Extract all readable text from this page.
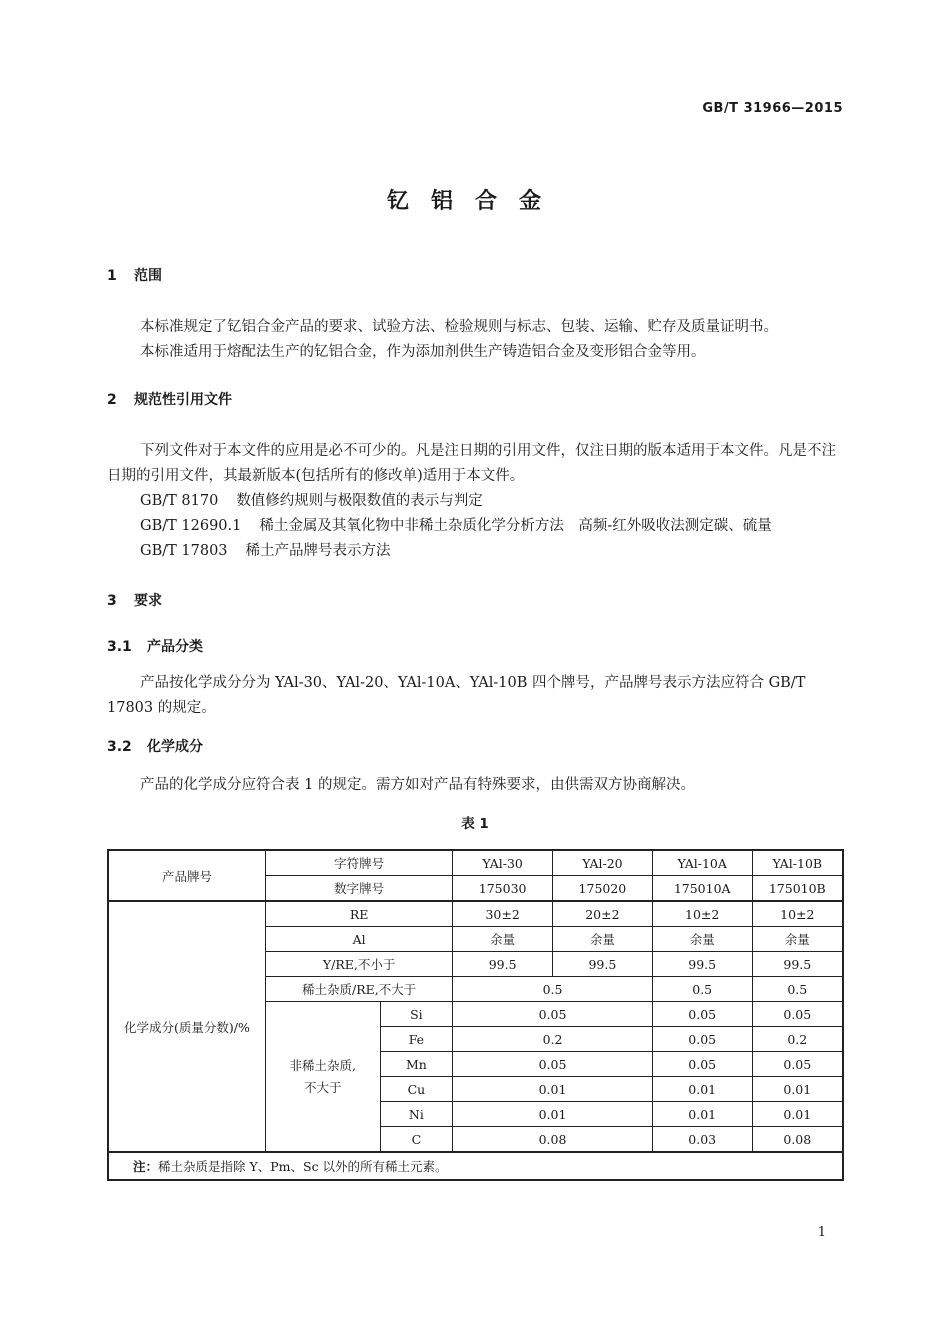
GB/T 31966—2015
钇铝合金
1 范围
本标准规定了钇铝合金产品的要求、试验方法、检验规则与标志、包装、运输、贮存及质量证明书。
本标准适用于熔配法生产的钇铝合金，作为添加剂供生产铸造铝合金及变形铝合金等用。
2 规范性引用文件
下列文件对于本文件的应用是必不可少的。凡是注日期的引用文件，仅注日期的版本适用于本文件。凡是不注日期的引用文件，其最新版本(包括所有的修改单)适用于本文件。
GB/T 8170 数值修约规则与极限数值的表示与判定
GB/T 12690.1 稀土金属及其氧化物中非稀土杂质化学分析方法　高频-红外吸收法测定碳、硫量
GB/T 17803 稀土产品牌号表示方法
3 要求
3.1 产品分类
产品按化学成分分为 YAl-30、YAl-20、YAl-10A、YAl-10B 四个牌号，产品牌号表示方法应符合 GB/T 17803 的规定。
3.2 化学成分
产品的化学成分应符合表 1 的规定。需方如对产品有特殊要求，由供需双方协商解决。
表 1
产品牌号	字符牌号		YAl-30	YAl-20	YAl-10A	YAl-10B
	数字牌号		175030	175020	175010A	175010B
化学成分(质量分数)/%	RE		30±2	20±2	10±2	10±2
	Al		余量	余量	余量	余量
	Y/RE,不小于		99.5	99.5	99.5	99.5
	稀土杂质/RE,不大于		0.5		0.5	0.5
	非稀土杂质,
不大于	Si	0.05		0.05	0.05
		Fe	0.2		0.05	0.2
		Mn	0.05		0.05	0.05
		Cu	0.01		0.01	0.01
		Ni	0.01		0.01	0.01
		C	0.08		0.03	0.08
注：稀土杂质是指除 Y、Pm、Sc 以外的所有稀土元素。						
1
